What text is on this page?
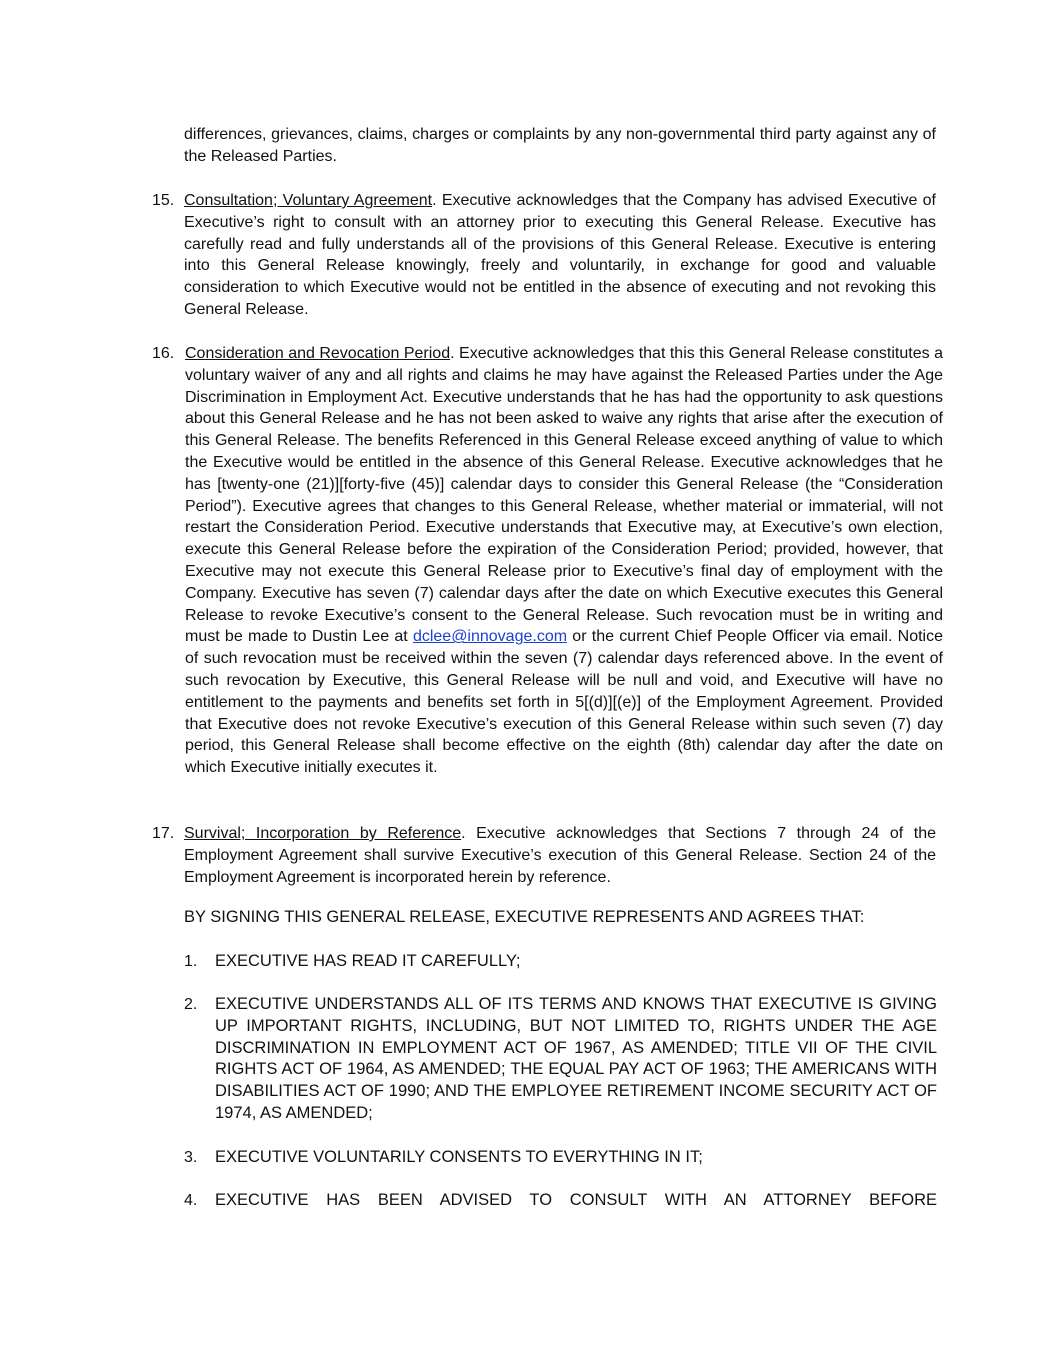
differences, grievances, claims, charges or complaints by any non-governmental third party against any of the Released Parties.

15. Consultation; Voluntary Agreement. Executive acknowledges that the Company has advised Executive of Executive’s right to consult with an attorney prior to executing this General Release. Executive has carefully read and fully understands all of the provisions of this General Release. Executive is entering into this General Release knowingly, freely and voluntarily, in exchange for good and valuable consideration to which Executive would not be entitled in the absence of executing and not revoking this General Release.

16. Consideration and Revocation Period. Executive acknowledges that this this General Release constitutes a voluntary waiver of any and all rights and claims he may have against the Released Parties under the Age Discrimination in Employment Act. Executive understands that he has had the opportunity to ask questions about this General Release and he has not been asked to waive any rights that arise after the execution of this General Release. The benefits Referenced in this General Release exceed anything of value to which the Executive would be entitled in the absence of this General Release. Executive acknowledges that he has [twenty-one (21)][forty-five (45)] calendar days to consider this General Release (the “Consideration Period”). Executive agrees that changes to this General Release, whether material or immaterial, will not restart the Consideration Period. Executive understands that Executive may, at Executive’s own election, execute this General Release before the expiration of the Consideration Period; provided, however, that Executive may not execute this General Release prior to Executive’s final day of employment with the Company. Executive has seven (7) calendar days after the date on which Executive executes this General Release to revoke Executive’s consent to the General Release. Such revocation must be in writing and must be made to Dustin Lee at dclee@innovage.com or the current Chief People Officer via email. Notice of such revocation must be received within the seven (7) calendar days referenced above. In the event of such revocation by Executive, this General Release will be null and void, and Executive will have no entitlement to the payments and benefits set forth in 5[(d)][(e)] of the Employment Agreement. Provided that Executive does not revoke Executive’s execution of this General Release within such seven (7) day period, this General Release shall become effective on the eighth (8th) calendar day after the date on which Executive initially executes it.

17. Survival; Incorporation by Reference. Executive acknowledges that Sections 7 through 24 of the Employment Agreement shall survive Executive’s execution of this General Release. Section 24 of the Employment Agreement is incorporated herein by reference.

BY SIGNING THIS GENERAL RELEASE, EXECUTIVE REPRESENTS AND AGREES THAT:

1. EXECUTIVE HAS READ IT CAREFULLY;

2. EXECUTIVE UNDERSTANDS ALL OF ITS TERMS AND KNOWS THAT EXECUTIVE IS GIVING UP IMPORTANT RIGHTS, INCLUDING, BUT NOT LIMITED TO, RIGHTS UNDER THE AGE DISCRIMINATION IN EMPLOYMENT ACT OF 1967, AS AMENDED; TITLE VII OF THE CIVIL RIGHTS ACT OF 1964, AS AMENDED; THE EQUAL PAY ACT OF 1963; THE AMERICANS WITH DISABILITIES ACT OF 1990; AND THE EMPLOYEE RETIREMENT INCOME SECURITY ACT OF 1974, AS AMENDED;

3. EXECUTIVE VOLUNTARILY CONSENTS TO EVERYTHING IN IT;

4. EXECUTIVE HAS BEEN ADVISED TO CONSULT WITH AN ATTORNEY BEFORE
